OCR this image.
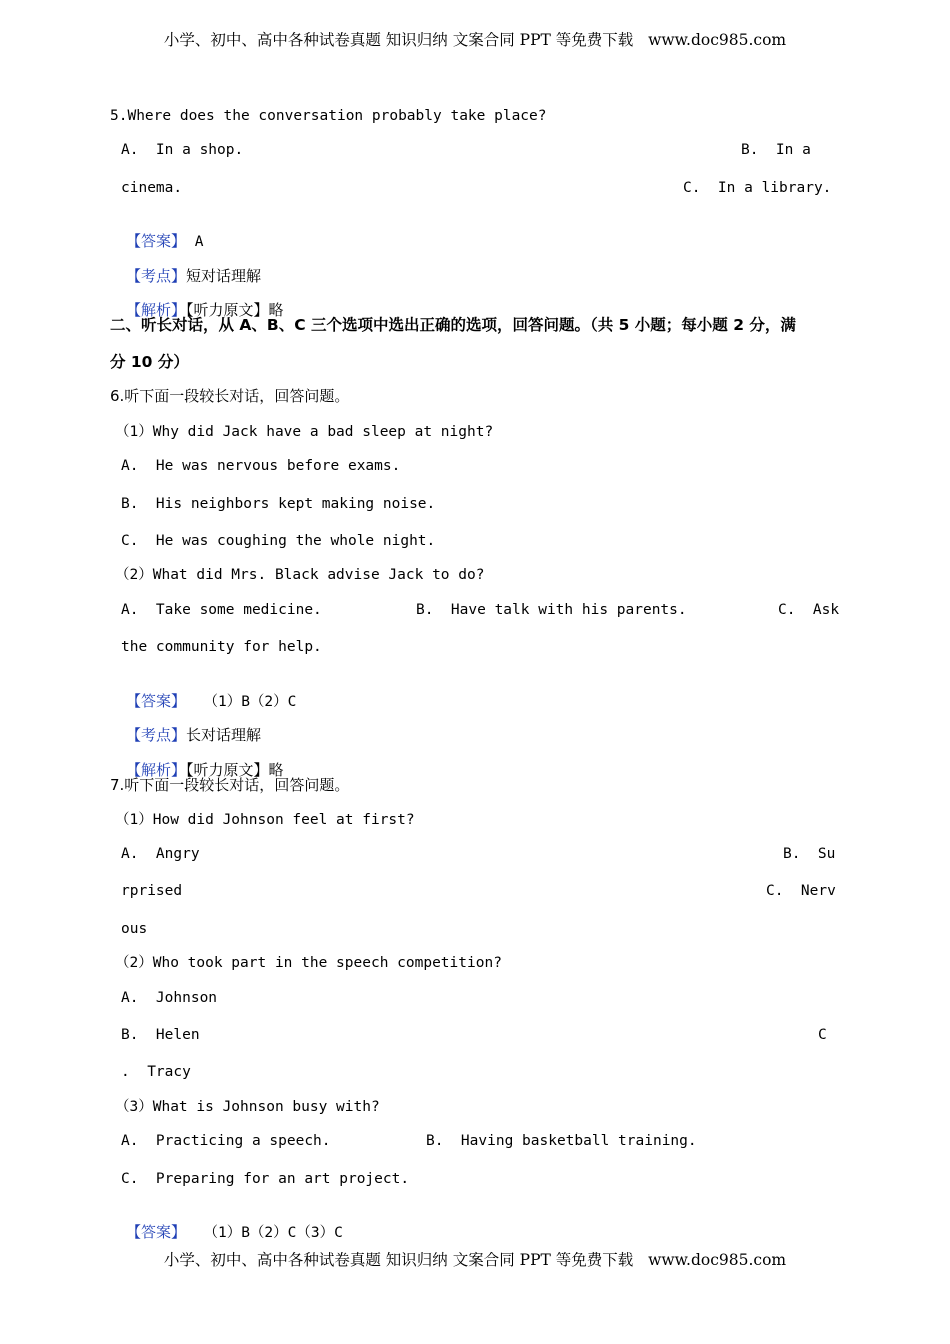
小学、初中、高中各种试卷真题 知识归纳 文案合同 PPT 等免费下载   www.doc985.com
5.Where does the conversation probably take place?
A.  In a shop.	B.  In a
cinema.	C.  In a library.

【答案】 A

【考点】短对话理解

【解析】【听力原文】略

二、听长对话，从 A、B、C 三个选项中选出正确的选项，回答问题。（共 5 小题；每小题 2 分，满
分 10 分）
6.听下面一段较长对话，回答问题。
（1）Why did Jack have a bad sleep at night?
A.  He was nervous before exams.
B.  His neighbors kept making noise.
C.  He was coughing the whole night.
（2）What did Mrs. Black advise Jack to do?
A.  Take some medicine.	B.  Have talk with his parents.	C.  Ask
the community for help.

【答案】  （1）B（2）C

【考点】长对话理解

【解析】【听力原文】略

7.听下面一段较长对话，回答问题。
（1）How did Johnson feel at first?
A.  Angry	B.  Su
rprised	C.  Nerv
ous
（2）Who took part in the speech competition?
A.  Johnson
B.  Helen	C
.  Tracy
（3）What is Johnson busy with?
A.  Practicing a speech.	B.  Having basketball training.
C.  Preparing for an art project.

【答案】  （1）B（2）C（3）C

小学、初中、高中各种试卷真题 知识归纳 文案合同 PPT 等免费下载   www.doc985.com
